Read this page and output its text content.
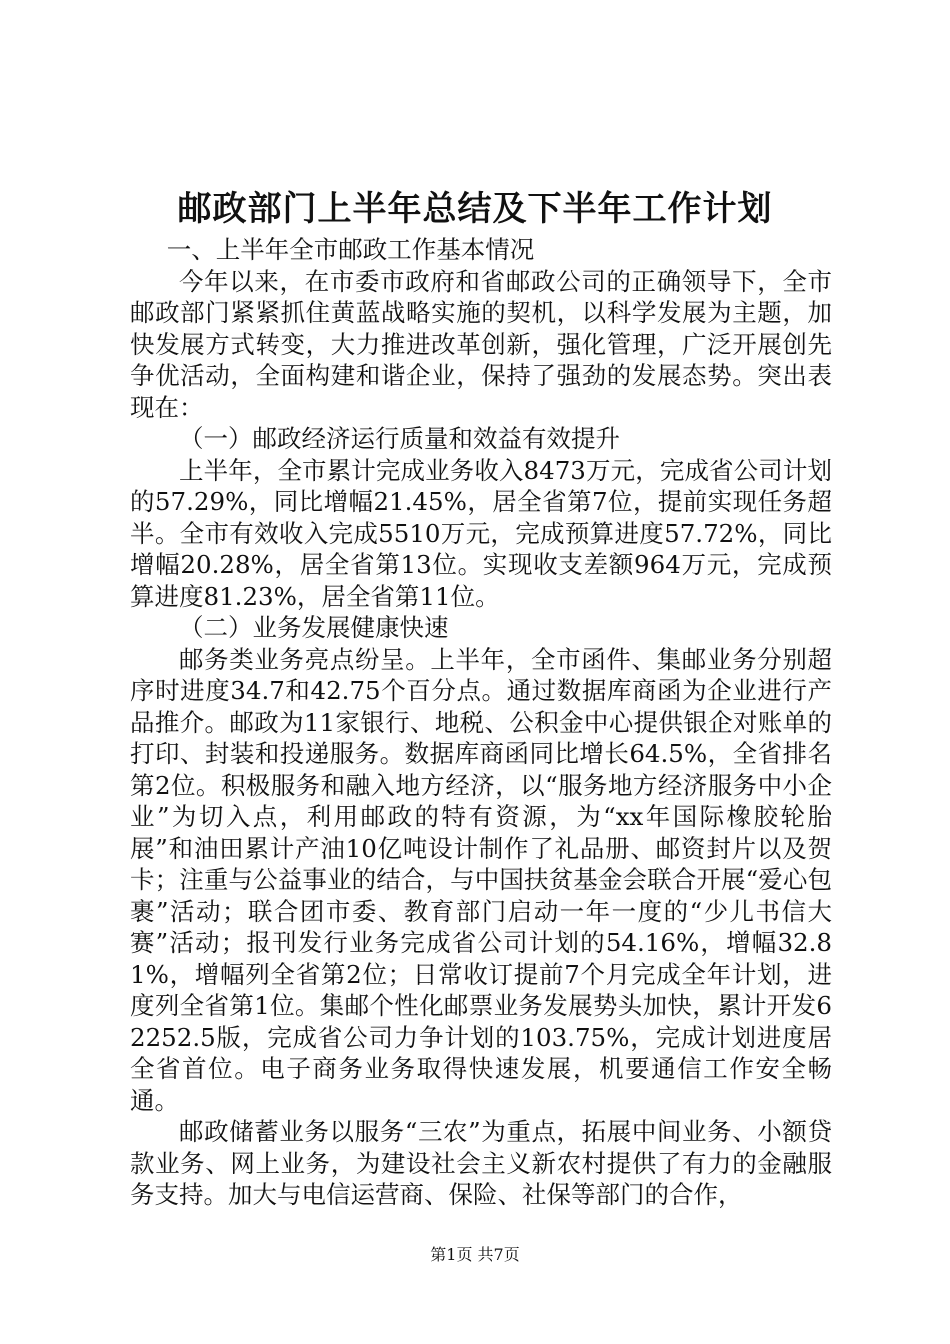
邮政部门上半年总结及下半年工作计划

一、上半年全市邮政工作基本情况

今年以来，在市委市政府和省邮政公司的正确领导下，全市邮政部门紧紧抓住黄蓝战略实施的契机，以科学发展为主题，加快发展方式转变，大力推进改革创新，强化管理，广泛开展创先争优活动，全面构建和谐企业，保持了强劲的发展态势。突出表现在：

（一）邮政经济运行质量和效益有效提升

上半年，全市累计完成业务收入8473万元，完成省公司计划的57.29%，同比增幅21.45%，居全省第7位，提前实现任务超半。全市有效收入完成5510万元，完成预算进度57.72%，同比增幅20.28%，居全省第13位。实现收支差额964万元，完成预算进度81.23%，居全省第11位。

（二）业务发展健康快速

邮务类业务亮点纷呈。上半年，全市函件、集邮业务分别超序时进度34.7和42.75个百分点。通过数据库商函为企业进行产品推介。邮政为11家银行、地税、公积金中心提供银企对账单的打印、封装和投递服务。数据库商函同比增长64.5%，全省排名第2位。积极服务和融入地方经济，以“服务地方经济服务中小企业”为切入点，利用邮政的特有资源，为“xx年国际橡胶轮胎展”和油田累计产油10亿吨设计制作了礼品册、邮资封片以及贺卡；注重与公益事业的结合，与中国扶贫基金会联合开展“爱心包裹”活动；联合团市委、教育部门启动一年一度的“少儿书信大赛”活动；报刊发行业务完成省公司计划的54.16%，增幅32.81%，增幅列全省第2位；日常收订提前7个月完成全年计划，进度列全省第1位。集邮个性化邮票业务发展势头加快，累计开发62252.5版，完成省公司力争计划的103.75%，完成计划进度居全省首位。电子商务业务取得快速发展，机要通信工作安全畅通。

邮政储蓄业务以服务“三农”为重点，拓展中间业务、小额贷款业务、网上业务，为建设社会主义新农村提供了有力的金融服务支持。加大与电信运营商、保险、社保等部门的合作，

第1页 共7页
